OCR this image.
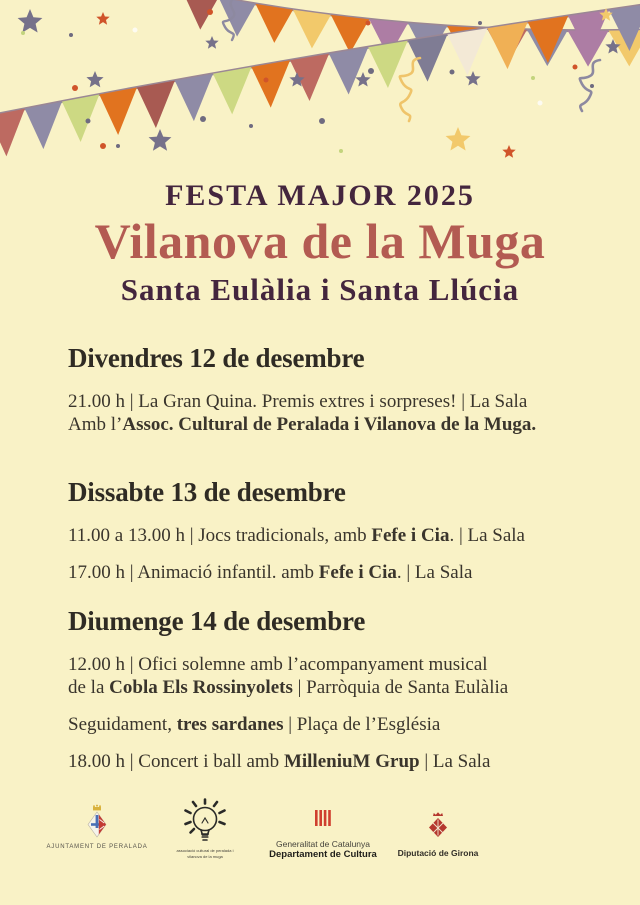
FESTA MAJOR 2025
Vilanova de la Muga
Santa Eulàlia i Santa Llúcia
Divendres 12 de desembre
21.00 h | La Gran Quina. Premis extres i sorpreses! | La Sala
Amb l’Assoc. Cultural de Peralada i Vilanova de la Muga.
Dissabte 13 de desembre
11.00 a 13.00 h | Jocs tradicionals, amb Fefe i Cia. | La Sala
17.00 h | Animació infantil. amb Fefe i Cia. | La Sala
Diumenge 14 de desembre
12.00 h | Ofici solemne amb l’acompanyament musical
de la Cobla Els Rossinyolets | Parròquia de Santa Eulàlia
Seguidament, tres sardanes | Plaça de l’Església
18.00 h | Concert i ball amb MilleniuM Grup | La Sala
AJUNTAMENT DE PERALADA
associació cultural de peralada i
vilanova de la muga
Generalitat de Catalunya
Departament de Cultura	Diputació de Girona
